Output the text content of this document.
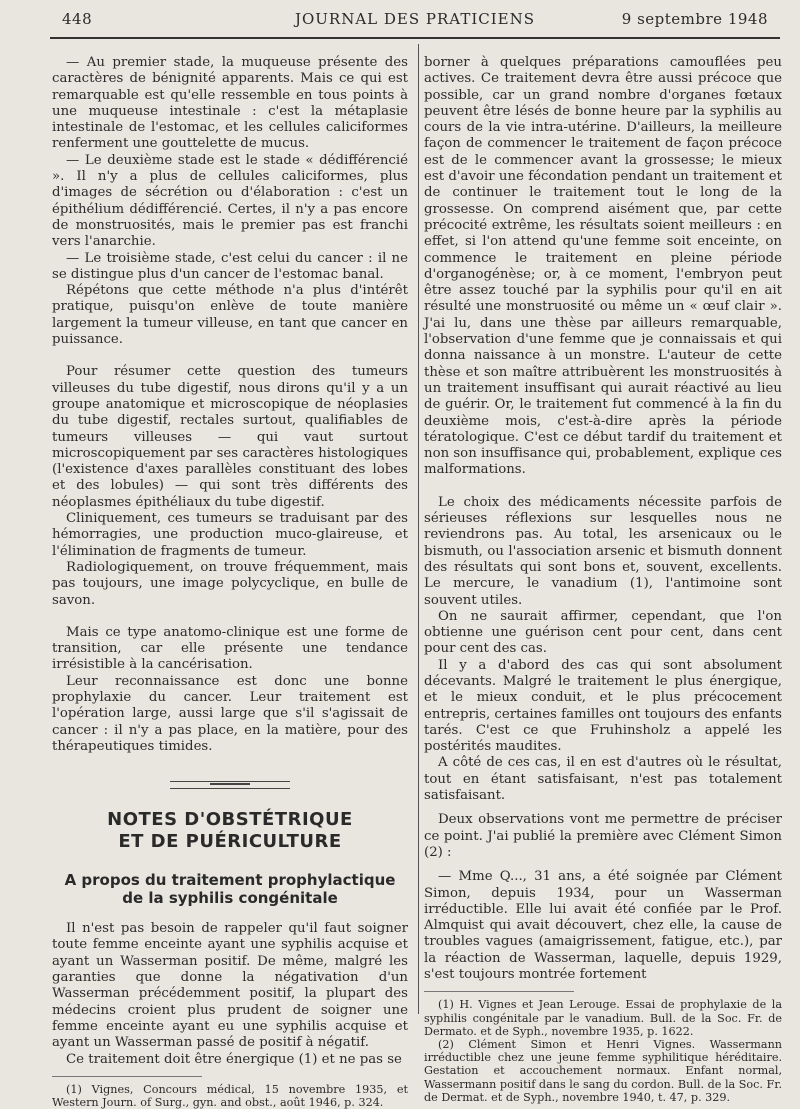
448	JOURNAL DES PRATICIENS	9 septembre 1948

— Au premier stade, la muqueuse présente des caractères de bénignité apparents. Mais ce qui est remarquable est qu'elle ressemble en tous points à une muqueuse intestinale : c'est la métaplasie intestinale de l'estomac, et les cellules caliciformes renferment une gouttelette de mucus.

— Le deuxième stade est le stade « dédifférencié ». Il n'y a plus de cellules caliciformes, plus d'images de sécrétion ou d'élaboration : c'est un épithélium dédifférencié. Certes, il n'y a pas encore de monstruosités, mais le premier pas est franchi vers l'anarchie.

— Le troisième stade, c'est celui du cancer : il ne se distingue plus d'un cancer de l'estomac banal.

Répétons que cette méthode n'a plus d'intérêt pratique, puisqu'on enlève de toute manière largement la tumeur villeuse, en tant que cancer en puissance.

Pour résumer cette question des tumeurs villeuses du tube digestif, nous dirons qu'il y a un groupe anatomique et microscopique de néoplasies du tube digestif, rectales surtout, qualifiables de tumeurs villeuses — qui vaut surtout microscopiquement par ses caractères histologiques (l'existence d'axes parallèles constituant des lobes et des lobules) — qui sont très différents des néoplasmes épithéliaux du tube digestif.

Cliniquement, ces tumeurs se traduisant par des hémorragies, une production muco-glaireuse, et l'élimination de fragments de tumeur.

Radiologiquement, on trouve fréquemment, mais pas toujours, une image polycyclique, en bulle de savon.

Mais ce type anatomo-clinique est une forme de transition, car elle présente une tendance irrésistible à la cancérisation.

Leur reconnaissance est donc une bonne prophylaxie du cancer. Leur traitement est l'opération large, aussi large que s'il s'agissait de cancer : il n'y a pas place, en la matière, pour des thérapeutiques timides.

NOTES D'OBSTÉTRIQUE
ET DE PUÉRICULTURE
A propos du traitement prophylactique
de la syphilis congénitale

Il n'est pas besoin de rappeler qu'il faut soigner toute femme enceinte ayant une syphilis acquise et ayant un Wasserman positif. De même, malgré les garanties que donne la négativation d'un Wasserman précédemment positif, la plupart des médecins croient plus prudent de soigner une femme enceinte ayant eu une syphilis acquise et ayant un Wasserman passé de positif à négatif.

Ce traitement doit être énergique (1) et ne pas se

(1) Vignes, Concours médical, 15 novembre 1935, et Western Journ. of Surg., gyn. and obst., août 1946, p. 324.

borner à quelques préparations camouflées peu actives. Ce traitement devra être aussi précoce que possible, car un grand nombre d'organes fœtaux peuvent être lésés de bonne heure par la syphilis au cours de la vie intra-utérine. D'ailleurs, la meilleure façon de commencer le traitement de façon précoce est de le commencer avant la grossesse; le mieux est d'avoir une fécondation pendant un traitement et de continuer le traitement tout le long de la grossesse. On comprend aisément que, par cette précocité extrême, les résultats soient meilleurs : en effet, si l'on attend qu'une femme soit enceinte, on commence le traitement en pleine période d'organogénèse; or, à ce moment, l'embryon peut être assez touché par la syphilis pour qu'il en ait résulté une monstruosité ou même un « œuf clair ». J'ai lu, dans une thèse par ailleurs remarquable, l'observation d'une femme que je connaissais et qui donna naissance à un monstre. L'auteur de cette thèse et son maître attribuèrent les monstruosités à un traitement insuffisant qui aurait réactivé au lieu de guérir. Or, le traitement fut commencé à la fin du deuxième mois, c'est-à-dire après la période tératologique. C'est ce début tardif du traitement et non son insuffisance qui, probablement, explique ces malformations.

Le choix des médicaments nécessite parfois de sérieuses réflexions sur lesquelles nous ne reviendrons pas. Au total, les arsenicaux ou le bismuth, ou l'association arsenic et bismuth donnent des résultats qui sont bons et, souvent, excellents. Le mercure, le vanadium (1), l'antimoine sont souvent utiles.

On ne saurait affirmer, cependant, que l'on obtienne une guérison cent pour cent, dans cent pour cent des cas.

Il y a d'abord des cas qui sont absolument décevants. Malgré le traitement le plus énergique, et le mieux conduit, et le plus précocement entrepris, certaines familles ont toujours des enfants tarés. C'est ce que Fruhinsholz a appelé les postérités maudites.

A côté de ces cas, il en est d'autres où le résultat, tout en étant satisfaisant, n'est pas totalement satisfaisant.

Deux observations vont me permettre de préciser ce point. J'ai publié la première avec Clément Simon (2) :

— Mme Q..., 31 ans, a été soignée par Clément Simon, depuis 1934, pour un Wasserman irréductible. Elle lui avait été confiée par le Prof. Almquist qui avait découvert, chez elle, la cause de troubles vagues (amaigrissement, fatigue, etc.), par la réaction de Wasserman, laquelle, depuis 1929, s'est toujours montrée fortement

(1) H. Vignes et Jean Lerouge. Essai de prophylaxie de la syphilis congénitale par le vanadium. Bull. de la Soc. Fr. de Dermato. et de Syph., novembre 1935, p. 1622.

(2) Clément Simon et Henri Vignes. Wassermann irréductible chez une jeune femme syphilitique héréditaire. Gestation et accouchement normaux. Enfant normal, Wassermann positif dans le sang du cordon. Bull. de la Soc. Fr. de Dermat. et de Syph., novembre 1940, t. 47, p. 329.
